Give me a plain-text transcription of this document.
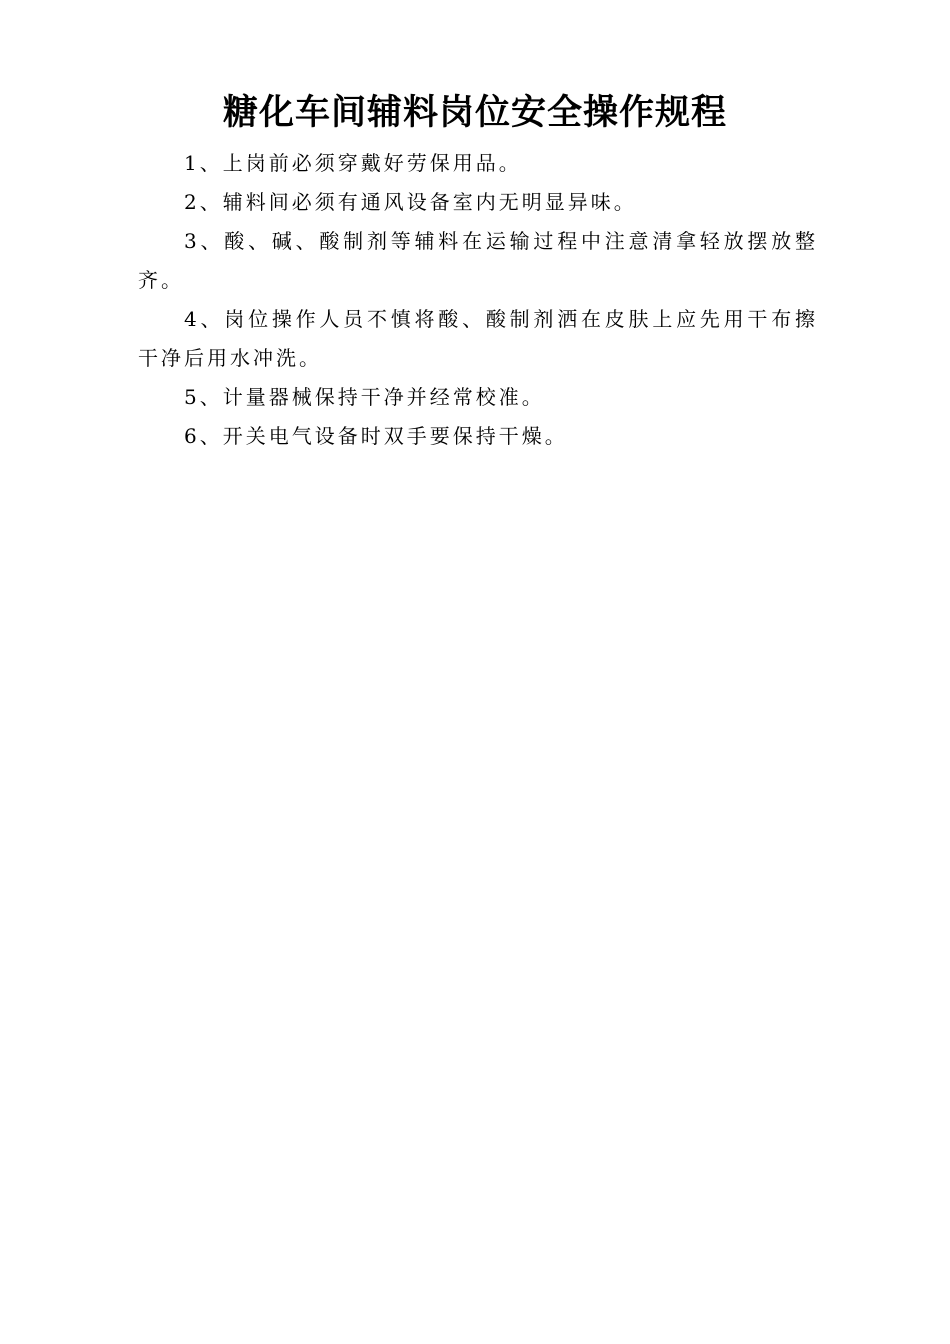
糖化车间辅料岗位安全操作规程

1、上岗前必须穿戴好劳保用品。

2、辅料间必须有通风设备室内无明显异味。

3、酸、碱、酸制剂等辅料在运输过程中注意清拿轻放摆放整齐。

4、岗位操作人员不慎将酸、酸制剂洒在皮肤上应先用干布擦干净后用水冲洗。

5、计量器械保持干净并经常校准。

6、开关电气设备时双手要保持干燥。
